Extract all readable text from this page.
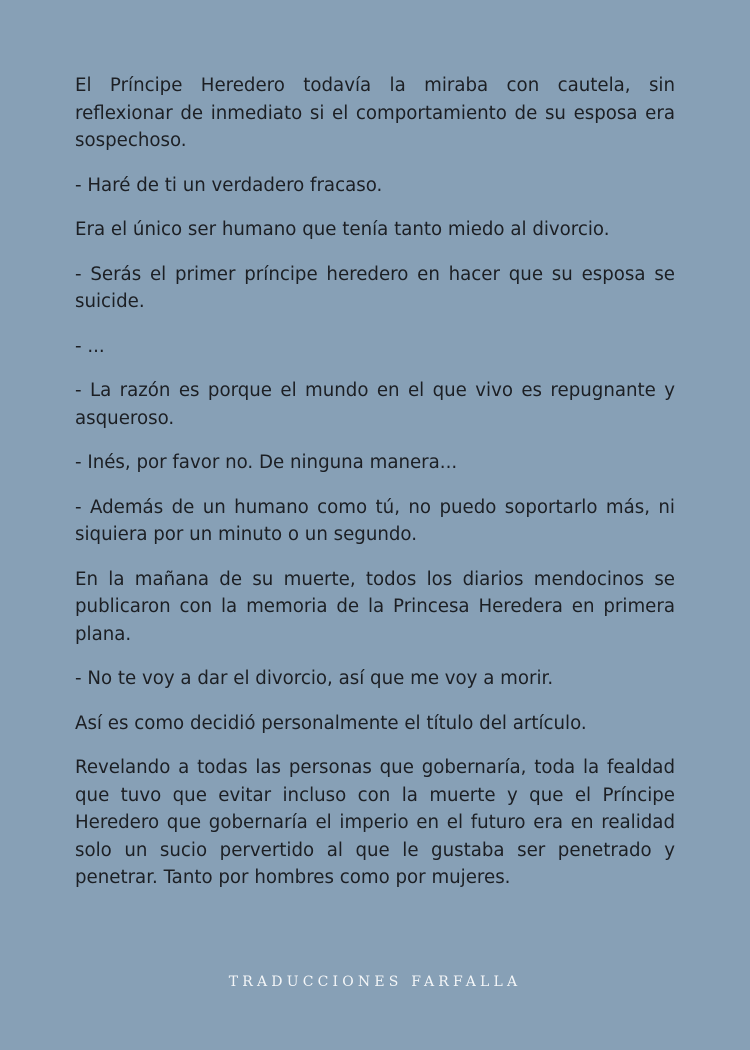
El Príncipe Heredero todavía la miraba con cautela, sin reflexionar de inmediato si el comportamiento de su esposa era sospechoso.

- Haré de ti un verdadero fracaso.

Era el único ser humano que tenía tanto miedo al divorcio.

- Serás el primer príncipe heredero en hacer que su esposa se suicide.

- ...

- La razón es porque el mundo en el que vivo es repugnante y asqueroso.

- Inés, por favor no. De ninguna manera...

- Además de un humano como tú, no puedo soportarlo más, ni siquiera por un minuto o un segundo.

En la mañana de su muerte, todos los diarios mendocinos se publicaron con la memoria de la Princesa Heredera en primera plana.

- No te voy a dar el divorcio, así que me voy a morir.

Así es como decidió personalmente el título del artículo.

Revelando a todas las personas que gobernaría, toda la fealdad que tuvo que evitar incluso con la muerte y que el Príncipe Heredero que gobernaría el imperio en el futuro era en realidad solo un sucio pervertido al que le gustaba ser penetrado y penetrar. Tanto por hombres como por mujeres.

TRADUCCIONES FARFALLA
